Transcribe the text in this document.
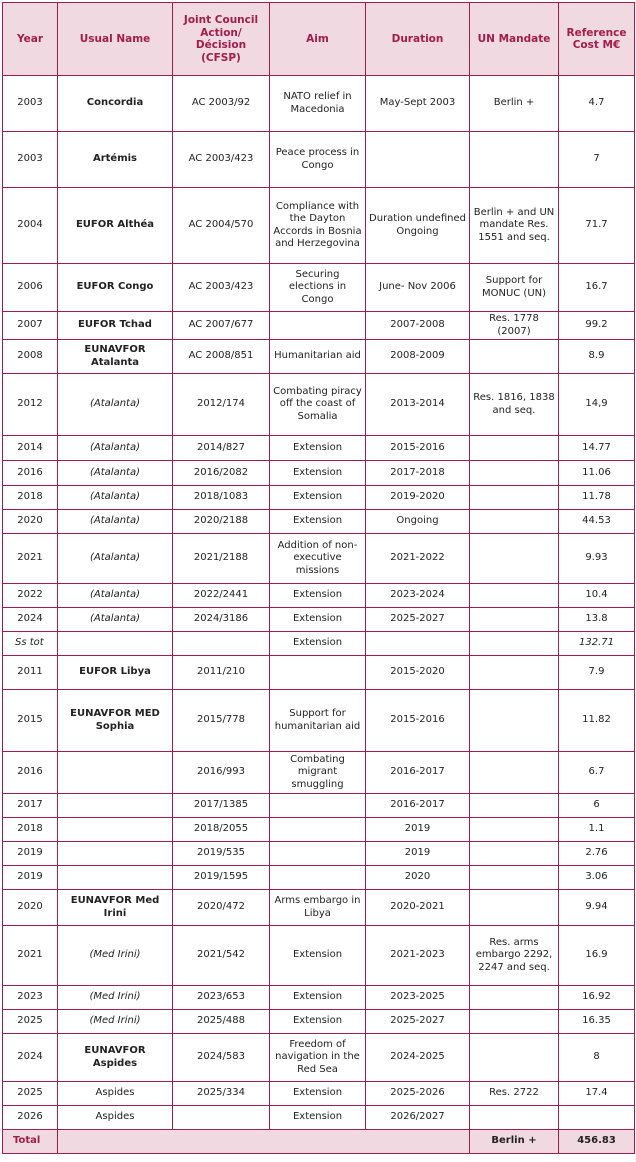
Year	Usual Name	Joint Council Action/ Décision (CFSP)	Aim	Duration	UN Mandate	Reference Cost M€
2003	Concordia	AC 2003/92	NATO relief in Macedonia	May-Sept 2003	Berlin +	4.7
2003	Artémis	AC 2003/423	Peace process in Congo			7
2004	EUFOR Althéa	AC 2004/570	Compliance with the Dayton Accords in Bosnia and Herzegovina	Duration undefined Ongoing	Berlin + and UN mandate Res. 1551 and seq.	71.7
2006	EUFOR Congo	AC 2003/423	Securing elections in Congo	June- Nov 2006	Support for MONUC (UN)	16.7
2007	EUFOR Tchad	AC 2007/677		2007-2008	Res. 1778 (2007)	99.2
2008	EUNAVFOR Atalanta	AC 2008/851	Humanitarian aid	2008-2009		8.9
2012	(Atalanta)	2012/174	Combating piracy off the coast of Somalia	2013-2014	Res. 1816, 1838 and seq.	14,9
2014	(Atalanta)	2014/827	Extension	2015-2016		14.77
2016	(Atalanta)	2016/2082	Extension	2017-2018		11.06
2018	(Atalanta)	2018/1083	Extension	2019-2020		11.78
2020	(Atalanta)	2020/2188	Extension	Ongoing		44.53
2021	(Atalanta)	2021/2188	Addition of non-executive missions	2021-2022		9.93
2022	(Atalanta)	2022/2441	Extension	2023-2024		10.4
2024	(Atalanta)	2024/3186	Extension	2025-2027		13.8
Ss tot			Extension			132.71
2011	EUFOR Libya	2011/210		2015-2020		7.9
2015	EUNAVFOR MED Sophia	2015/778	Support for humanitarian aid	2015-2016		11.82
2016		2016/993	Combating migrant smuggling	2016-2017		6.7
2017		2017/1385		2016-2017		6
2018		2018/2055		2019		1.1
2019		2019/535		2019		2.76
2019		2019/1595		2020		3.06
2020	EUNAVFOR Med Irini	2020/472	Arms embargo in Libya	2020-2021		9.94
2021	(Med Irini)	2021/542	Extension	2021-2023	Res. arms embargo 2292, 2247 and seq.	16.9
2023	(Med Irini)	2023/653	Extension	2023-2025		16.92
2025	(Med Irini)	2025/488	Extension	2025-2027		16.35
2024	EUNAVFOR Aspides	2024/583	Freedom of navigation in the Red Sea	2024-2025		8
2025	Aspides	2025/334	Extension	2025-2026	Res. 2722	17.4
2026	Aspides		Extension	2026/2027		
Total					Berlin +	456.83
